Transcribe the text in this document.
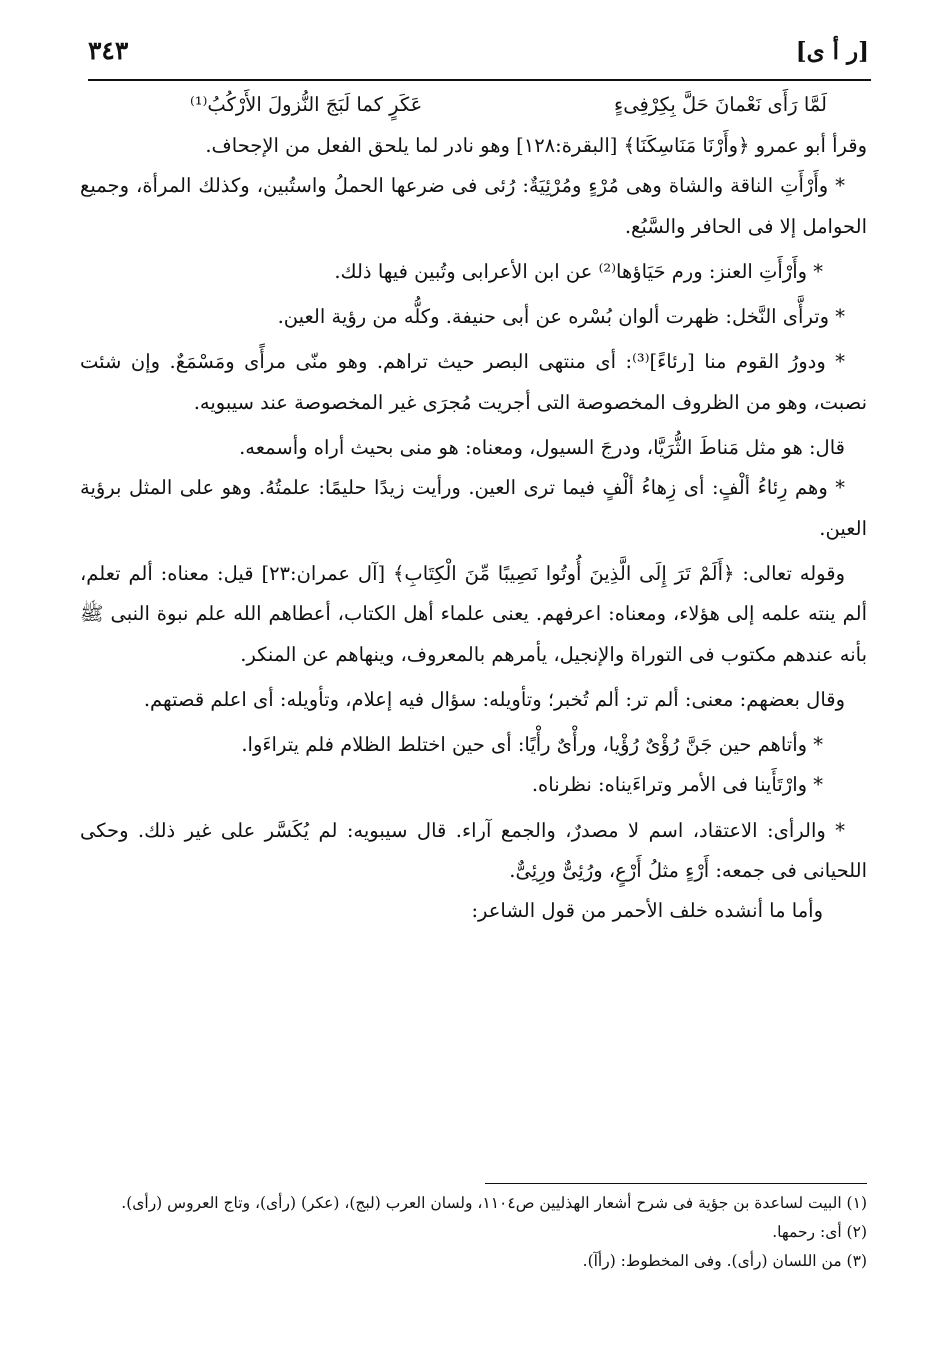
[ر أ ى]
٣٤٣
لَمَّا رَأَى نَعْمانَ حَلَّ بِكِرْفِىءٍ
عَكَرٍ كما لَبَجَ النُّزولَ الأَرْكُبُ⁽¹⁾

وقرأ أبو عمرو ﴿وأَرْنَا مَنَاسِكَنَا﴾ [البقرة:١٢٨] وهو نادر لما يلحق الفعل من الإجحاف.

* وأَرْأَتِ الناقة والشاة وهى مُرْءٍ ومُرْئِيَةٌ: رُئى فى ضرعها الحملُ واستُبين، وكذلك المرأة، وجميع الحوامل إلا فى الحافر والسَّبُع.

* وأَرْأَتِ العنز: ورم حَيَاؤها⁽²⁾ عن ابن الأعرابى وتُبين فيها ذلك.

* وترأَّى النَّخل: ظهرت ألوان بُسْره عن أبى حنيفة. وكلُّه من رؤية العين.

* ودورُ القوم منا [رئاءً]⁽³⁾: أى منتهى البصر حيث تراهم. وهو منّى مرأًى ومَسْمَعٌ. وإن شئت نصبت، وهو من الظروف المخصوصة التى أجريت مُجرَى غير المخصوصة عند سيبويه.

قال: هو مثل مَناطَ الثُّرَيَّا، ودرجَ السيول، ومعناه: هو منى بحيث أراه وأسمعه.

* وهم رِئاءُ ألْفٍ: أى زِهاءُ ألْفٍ فيما ترى العين. ورأيت زيدًا حليمًا: علمتُهُ. وهو على المثل برؤية العين.

وقوله تعالى: ﴿أَلَمْ تَرَ إِلَى الَّذِينَ أُوتُوا نَصِيبًا مِّنَ الْكِتَابِ﴾ [آل عمران:٢٣] قيل: معناه: ألم تعلم، ألم ينته علمه إلى هؤلاء، ومعناه: اعرفهم. يعنى علماء أهل الكتاب، أعطاهم الله علم نبوة النبى ﷺ بأنه عندهم مكتوب فى التوراة والإنجيل، يأمرهم بالمعروف، وينهاهم عن المنكر.

وقال بعضهم: معنى: ألم تر: ألم تُخبر؛ وتأويله: سؤال فيه إعلام، وتأويله: أى اعلم قصتهم.

* وأتاهم حين جَنَّ رُؤْىٌ رُؤْيا، ورأْىٌ رأْيًا: أى حين اختلط الظلام فلم يتراءَوا.

* وارْتَأَينا فى الأمر وتراءَيناه: نظرناه.

* والرأى: الاعتقاد، اسم لا مصدرٌ، والجمع آراء. قال سيبويه: لم يُكَسَّر على غير ذلك. وحكى اللحيانى فى جمعه: أَرْءٍ مثلُ أَرْعٍ، ورُئِىٌّ ورِئِىٌّ.

وأما ما أنشده خلف الأحمر من قول الشاعر:

(١) البيت لساعدة بن جؤية فى شرح أشعار الهذليين ص١١٠٤، ولسان العرب (لبج)، (عكر) (رأى)، وتاج العروس (رأى).

(٢) أى: رحمها.

(٣) من اللسان (رأى). وفى المخطوط: (رأآ).
